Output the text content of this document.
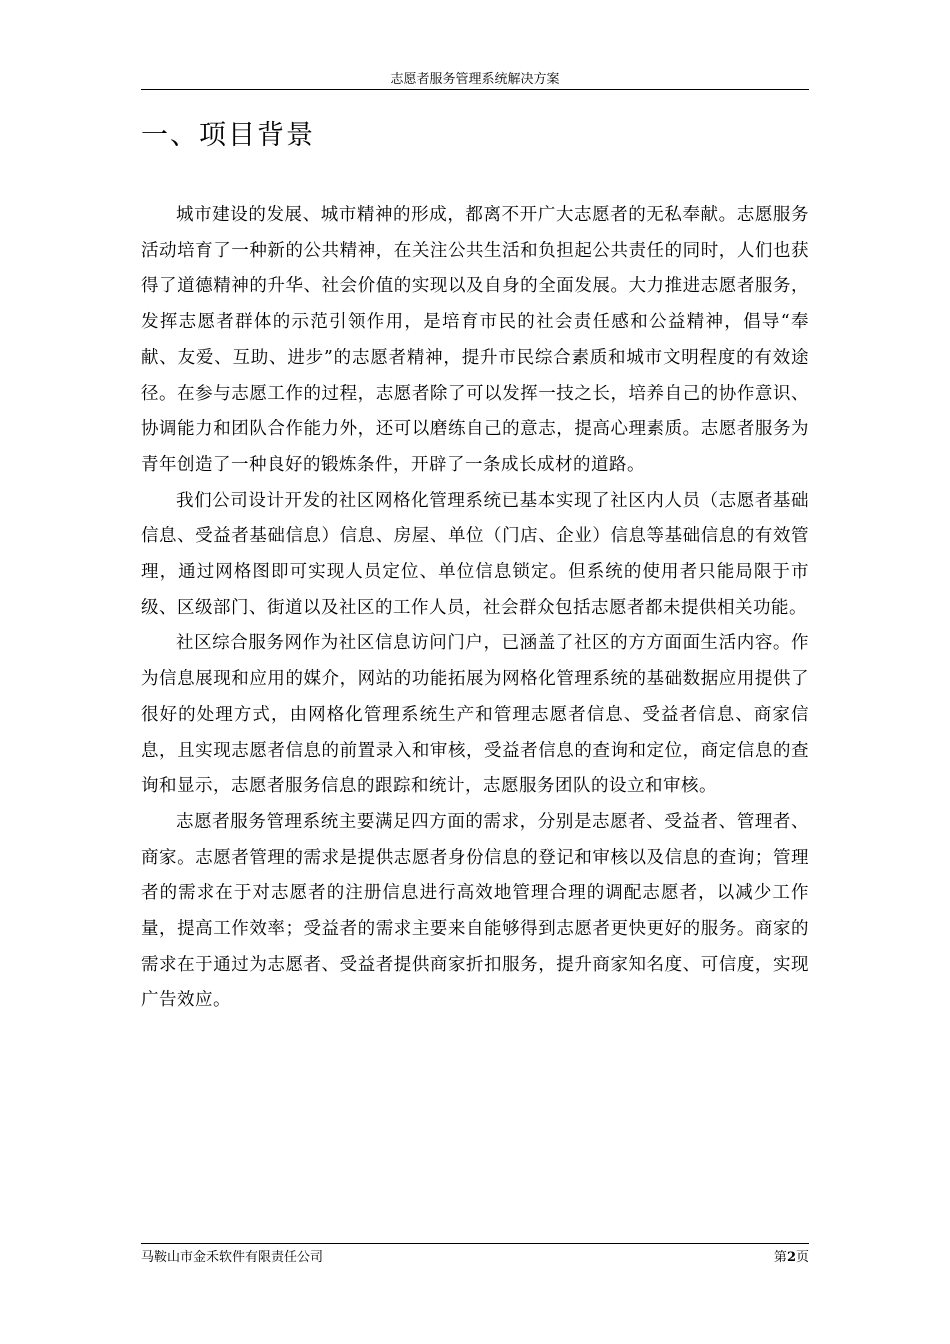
志愿者服务管理系统解决方案
一、项目背景

城市建设的发展、城市精神的形成，都离不开广大志愿者的无私奉献。志愿服务活动培育了一种新的公共精神，在关注公共生活和负担起公共责任的同时，人们也获得了道德精神的升华、社会价值的实现以及自身的全面发展。大力推进志愿者服务，发挥志愿者群体的示范引领作用，是培育市民的社会责任感和公益精神，倡导“奉献、友爱、互助、进步”的志愿者精神，提升市民综合素质和城市文明程度的有效途径。在参与志愿工作的过程，志愿者除了可以发挥一技之长，培养自己的协作意识、协调能力和团队合作能力外，还可以磨练自己的意志，提高心理素质。志愿者服务为青年创造了一种良好的锻炼条件，开辟了一条成长成材的道路。

我们公司设计开发的社区网格化管理系统已基本实现了社区内人员（志愿者基础信息、受益者基础信息）信息、房屋、单位（门店、企业）信息等基础信息的有效管理，通过网格图即可实现人员定位、单位信息锁定。但系统的使用者只能局限于市级、区级部门、街道以及社区的工作人员，社会群众包括志愿者都未提供相关功能。

社区综合服务网作为社区信息访问门户，已涵盖了社区的方方面面生活内容。作为信息展现和应用的媒介，网站的功能拓展为网格化管理系统的基础数据应用提供了很好的处理方式，由网格化管理系统生产和管理志愿者信息、受益者信息、商家信息，且实现志愿者信息的前置录入和审核，受益者信息的查询和定位，商定信息的查询和显示，志愿者服务信息的跟踪和统计，志愿服务团队的设立和审核。

志愿者服务管理系统主要满足四方面的需求，分别是志愿者、受益者、管理者、商家。志愿者管理的需求是提供志愿者身份信息的登记和审核以及信息的查询；管理者的需求在于对志愿者的注册信息进行高效地管理合理的调配志愿者，以减少工作量，提高工作效率；受益者的需求主要来自能够得到志愿者更快更好的服务。商家的需求在于通过为志愿者、受益者提供商家折扣服务，提升商家知名度、可信度，实现广告效应。

马鞍山市金禾软件有限责任公司	第2页
